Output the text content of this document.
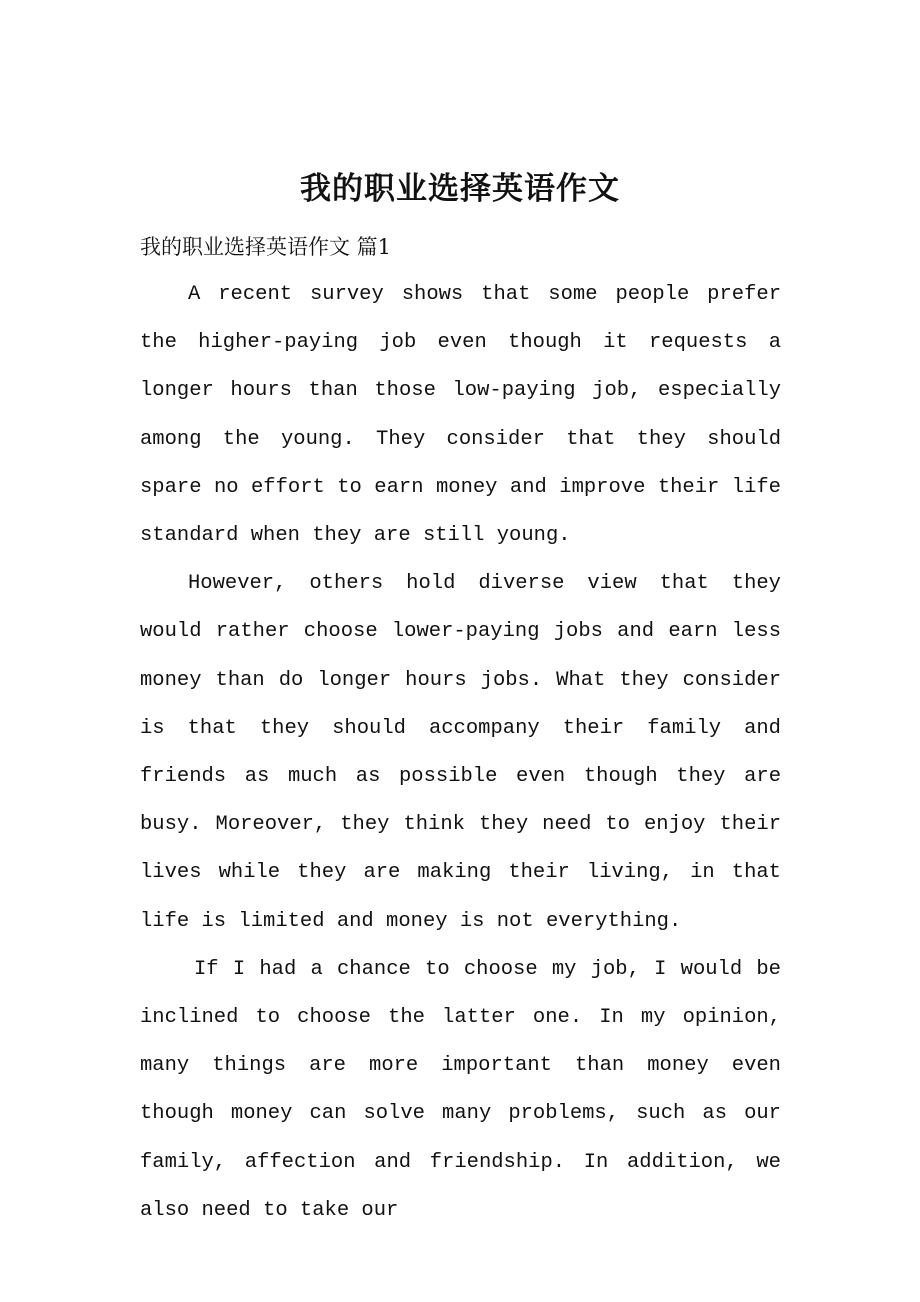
我的职业选择英语作文
我的职业选择英语作文 篇1

A recent survey shows that some people prefer the higher-paying job even though it requests a longer hours than those low-paying job, especially among the young. They consider that they should spare no effort to earn money and improve their life standard when they are still young.

However, others hold diverse view that they would rather choose lower-paying jobs and earn less money than do longer hours jobs. What they consider is that they should accompany their family and friends as much as possible even though they are busy. Moreover, they think they need to enjoy their lives while they are making their living, in that life is limited and money is not everything.

If I had a chance to choose my job, I would be inclined to choose the latter one. In my opinion, many things are more important than money even though money can solve many problems, such as our family, affection and friendship. In addition, we also need to take our
